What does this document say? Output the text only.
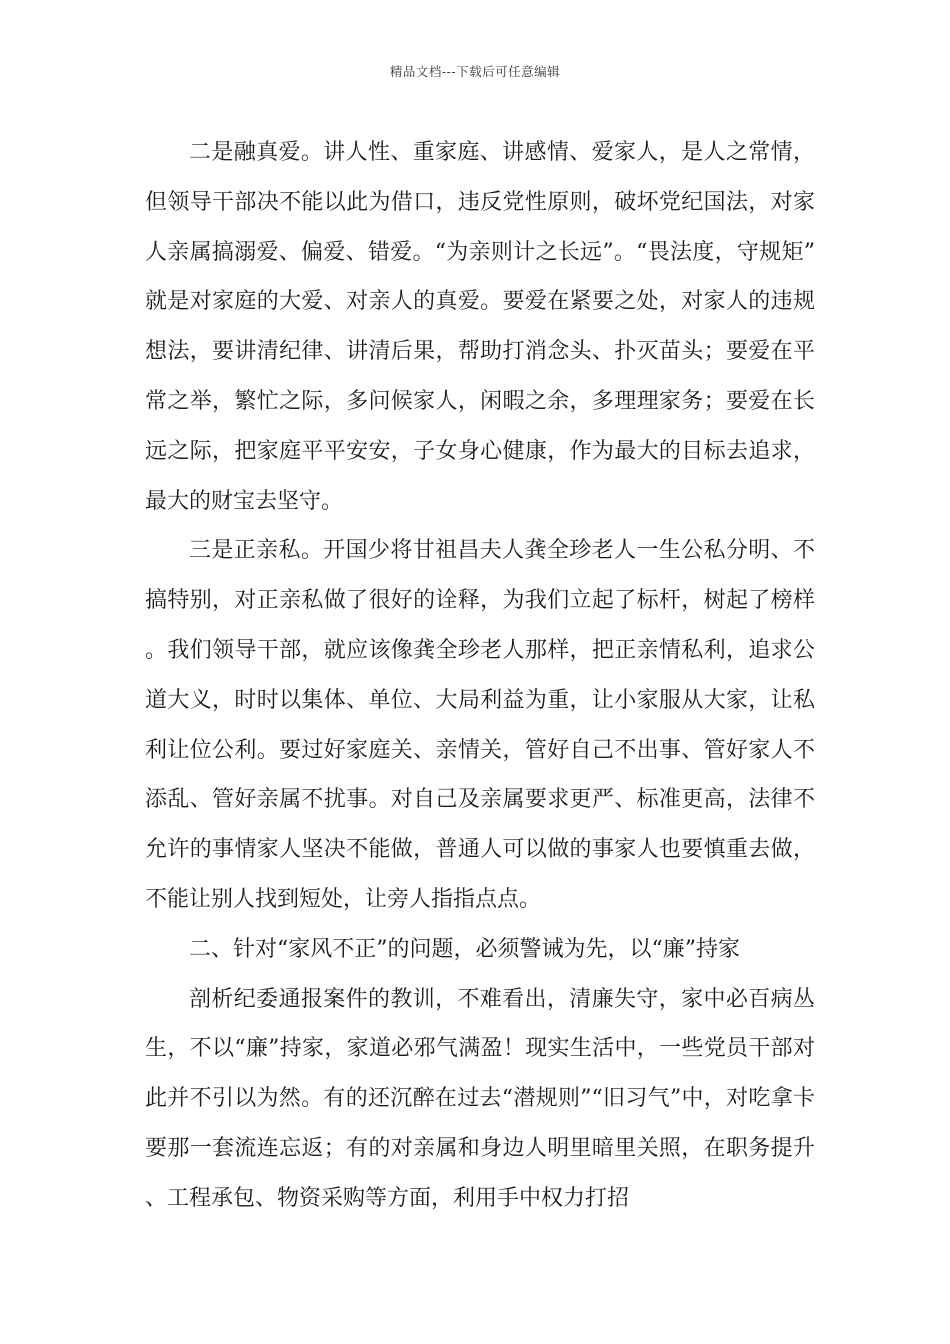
精品文档---下载后可任意编辑

二是融真爱。讲人性、重家庭、讲感情、爱家人，是人之常情，但领导干部决不能以此为借口，违反党性原则，破坏党纪国法，对家人亲属搞溺爱、偏爱、错爱。“为亲则计之长远”。“畏法度，守规矩”就是对家庭的大爱、对亲人的真爱。要爱在紧要之处，对家人的违规想法，要讲清纪律、讲清后果，帮助打消念头、扑灭苗头；要爱在平常之举，繁忙之际，多问候家人，闲暇之余，多理理家务；要爱在长远之际，把家庭平平安安，子女身心健康，作为最大的目标去追求，最大的财宝去坚守。

三是正亲私。开国少将甘祖昌夫人龚全珍老人一生公私分明、不搞特别，对正亲私做了很好的诠释，为我们立起了标杆，树起了榜样。我们领导干部，就应该像龚全珍老人那样，把正亲情私利，追求公道大义，时时以集体、单位、大局利益为重，让小家服从大家，让私利让位公利。要过好家庭关、亲情关，管好自己不出事、管好家人不添乱、管好亲属不扰事。对自己及亲属要求更严、标准更高，法律不允许的事情家人坚决不能做，普通人可以做的事家人也要慎重去做，不能让别人找到短处，让旁人指指点点。

二、针对“家风不正”的问题，必须警诫为先，以“廉”持家

剖析纪委通报案件的教训，不难看出，清廉失守，家中必百病丛生，不以“廉”持家，家道必邪气满盈！现实生活中，一些党员干部对此并不引以为然。有的还沉醉在过去“潜规则”“旧习气”中，对吃拿卡要那一套流连忘返；有的对亲属和身边人明里暗里关照，在职务提升、工程承包、物资采购等方面，利用手中权力打招
